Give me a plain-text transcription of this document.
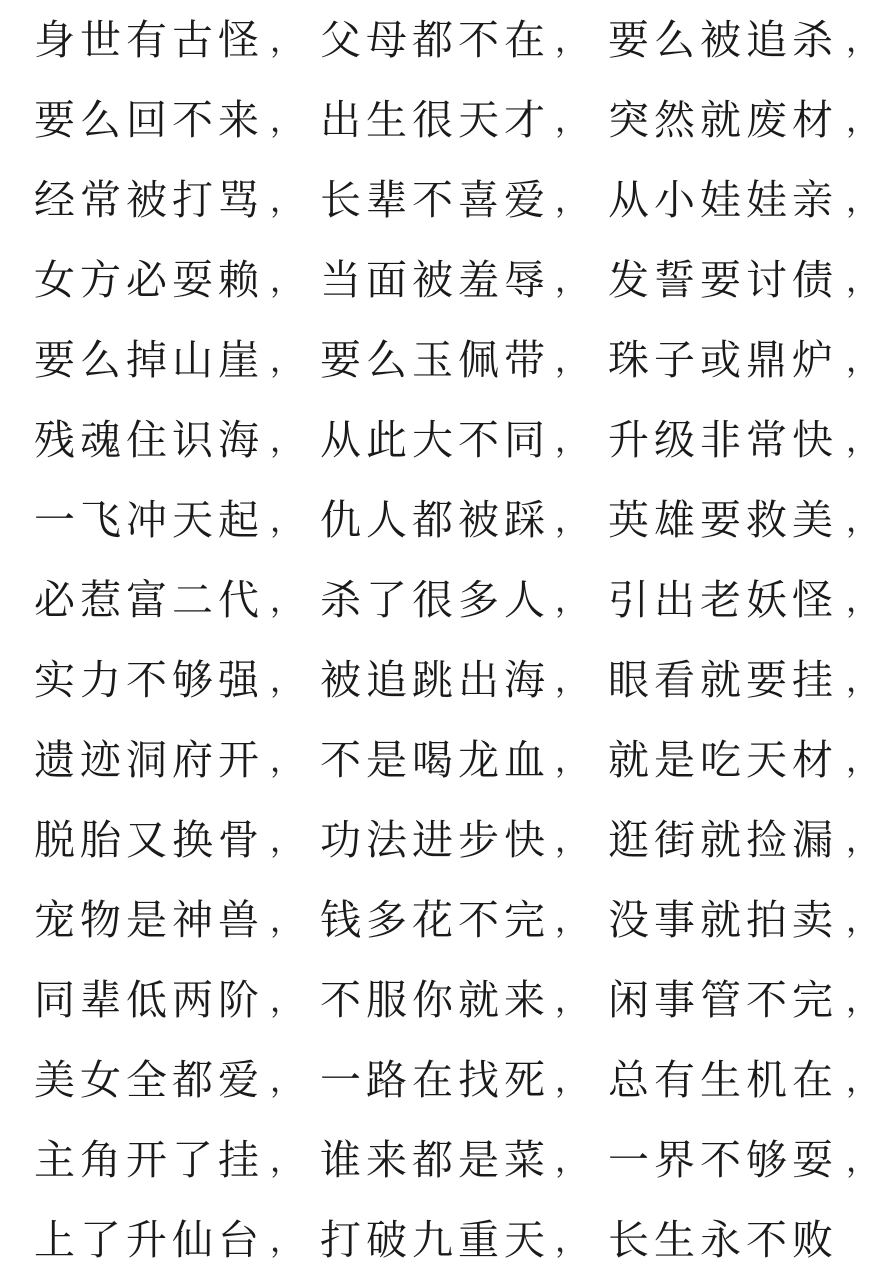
身世有古怪 ， 父母都不在 ， 要么被追杀 ，
要么回不来 ， 出生很天才 ， 突然就废材 ，
经常被打骂 ， 长辈不喜爱 ， 从小娃娃亲 ，
女方必耍赖 ， 当面被羞辱 ， 发誓要讨债 ，
要么掉山崖 ， 要么玉佩带 ， 珠子或鼎炉 ，
残魂住识海 ， 从此大不同 ， 升级非常快 ，
一飞冲天起 ， 仇人都被踩 ， 英雄要救美 ，
必惹富二代 ， 杀了很多人 ， 引出老妖怪 ，
实力不够强 ， 被追跳出海 ， 眼看就要挂 ，
遗迹洞府开 ， 不是喝龙血 ， 就是吃天材 ，
脱胎又换骨 ， 功法进步快 ， 逛街就捡漏 ，
宠物是神兽 ， 钱多花不完 ， 没事就拍卖 ，
同辈低两阶 ， 不服你就来 ， 闲事管不完 ，
美女全都爱 ， 一路在找死 ， 总有生机在 ，
主角开了挂 ， 谁来都是菜 ， 一界不够耍 ，
上了升仙台 ， 打破九重天 ， 长生永不败
